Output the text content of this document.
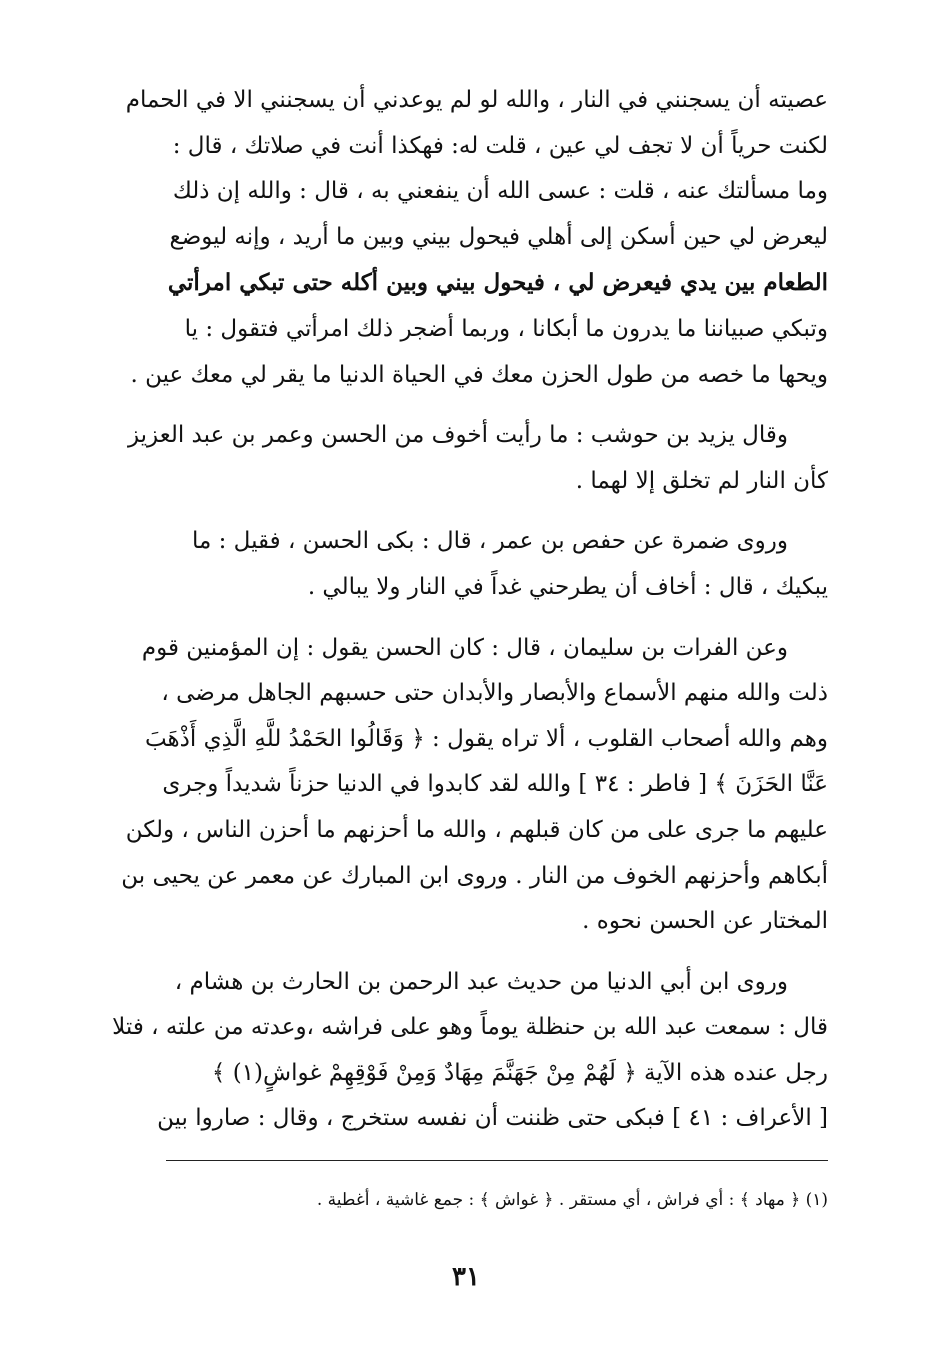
عصيته أن يسجنني في النار ، والله لو لم يوعدني أن يسجنني الا في الحمام
لكنت حرياً أن لا تجف لي عين ، قلت له: فهكذا أنت في صلاتك ، قال :
وما مسألتك عنه ، قلت : عسى الله أن ينفعني به ، قال : والله إن ذلك
ليعرض لي حين أسكن إلى أهلي فيحول بيني وبين ما أريد ، وإنه ليوضع
الطعام بين يدي فيعرض لي ، فيحول بيني وبين أكله حتى تبكي امرأتي
وتبكي صبياننا ما يدرون ما أبكانا ، وربما أضجر ذلك امرأتي فتقول : يا
ويحها ما خصه من طول الحزن معك في الحياة الدنيا ما يقر لي معك عين .

وقال يزيد بن حوشب : ما رأيت أخوف من الحسن وعمر بن عبد العزيز
كأن النار لم تخلق إلا لهما .

وروى ضمرة عن حفص بن عمر ، قال : بكى الحسن ، فقيل : ما
يبكيك ، قال : أخاف أن يطرحني غداً في النار ولا يبالي .

وعن الفرات بن سليمان ، قال : كان الحسن يقول : إن المؤمنين قوم
ذلت والله منهم الأسماع والأبصار والأبدان حتى حسبهم الجاهل مرضى ،
وهم والله أصحاب القلوب ، ألا تراه يقول : ﴿ وَقَالُوا الحَمْدُ للَّهِ الَّذِي أَذْهَبَ
عَنَّا الحَزَنَ ﴾ [ فاطر : ٣٤ ] والله لقد كابدوا في الدنيا حزناً شديداً وجرى
عليهم ما جرى على من كان قبلهم ، والله ما أحزنهم ما أحزن الناس ، ولكن
أبكاهم وأحزنهم الخوف من النار . وروى ابن المبارك عن معمر عن يحيى بن
المختار عن الحسن نحوه .

وروى ابن أبي الدنيا من حديث عبد الرحمن بن الحارث بن هشام ،
قال : سمعت عبد الله بن حنظلة يوماً وهو على فراشه ،وعدته من علته ، فتلا
رجل عنده هذه الآية ﴿ لَهُمْ مِنْ جَهَنَّمَ مِهَادٌ وَمِنْ فَوْقِهِمْ غواشٍ(١) ﴾
[ الأعراف : ٤١ ] فبكى حتى ظننت أن نفسه ستخرج ، وقال : صاروا بين

(١) ﴿ مهاد ﴾ : أي فراش ، أي مستقر . ﴿ غواش ﴾ : جمع غاشية ، أغطية .
٣١
